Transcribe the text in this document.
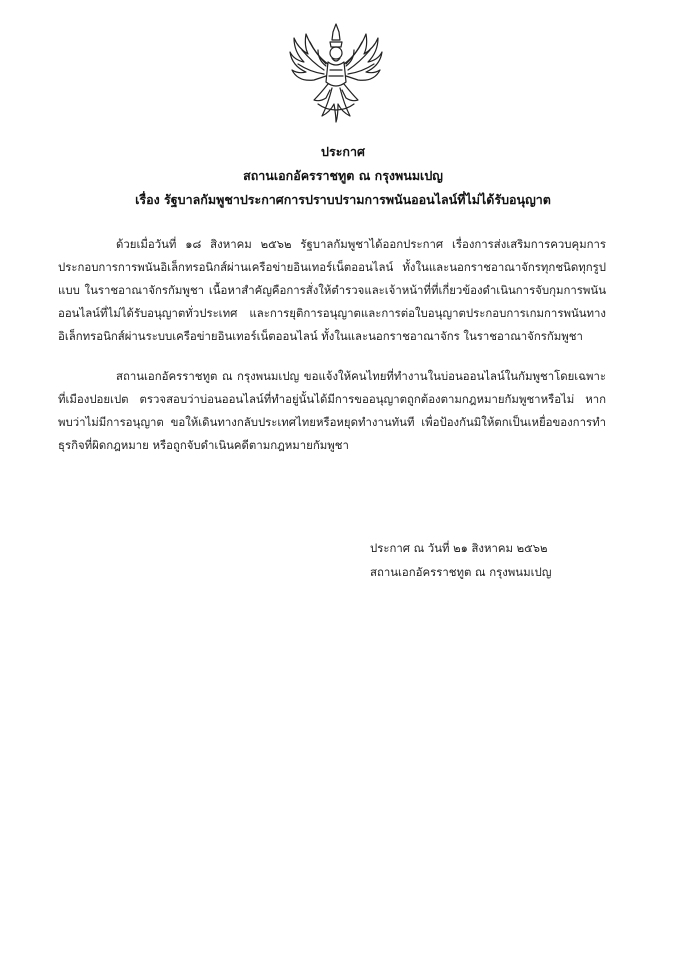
ประกาศ
สถานเอกอัครราชทูต ณ กรุงพนมเปญ
เรื่อง รัฐบาลกัมพูชาประกาศการปราบปรามการพนันออนไลน์ที่ไม่ได้รับอนุญาต
ด้วยเมื่อวันที่ ๑๘ สิงหาคม ๒๕๖๒ รัฐบาลกัมพูชาได้ออกประกาศ เรื่องการส่งเสริมการควบคุมการประกอบการการพนันอิเล็กทรอนิกส์ผ่านเครือข่ายอินเทอร์เน็ตออนไลน์ ทั้งในและนอกราชอาณาจักรทุกชนิดทุกรูปแบบ ในราชอาณาจักรกัมพูชา เนื้อหาสำคัญคือการสั่งให้ตำรวจและเจ้าหน้าที่ที่เกี่ยวข้องดำเนินการจับกุมการพนันออนไลน์ที่ไม่ได้รับอนุญาตทั่วประเทศ และการยุติการอนุญาตและการต่อใบอนุญาตประกอบการเกมการพนันทางอิเล็กทรอนิกส์ผ่านระบบเครือข่ายอินเทอร์เน็ตออนไลน์ ทั้งในและนอกราชอาณาจักร ในราชอาณาจักรกัมพูชา
สถานเอกอัครราชทูต ณ กรุงพนมเปญ ขอแจ้งให้คนไทยที่ทำงานในบ่อนออนไลน์ในกัมพูชาโดยเฉพาะที่เมืองปอยเปต ตรวจสอบว่าบ่อนออนไลน์ที่ทำอยู่นั้นได้มีการขออนุญาตถูกต้องตามกฎหมายกัมพูชาหรือไม่ หากพบว่าไม่มีการอนุญาต ขอให้เดินทางกลับประเทศไทยหรือหยุดทำงานทันที เพื่อป้องกันมิให้ตกเป็นเหยื่อของการทำธุรกิจที่ผิดกฎหมาย หรือถูกจับดำเนินคดีตามกฎหมายกัมพูชา
ประกาศ ณ วันที่ ๒๑ สิงหาคม ๒๕๖๒
สถานเอกอัครราชทูต ณ กรุงพนมเปญ
